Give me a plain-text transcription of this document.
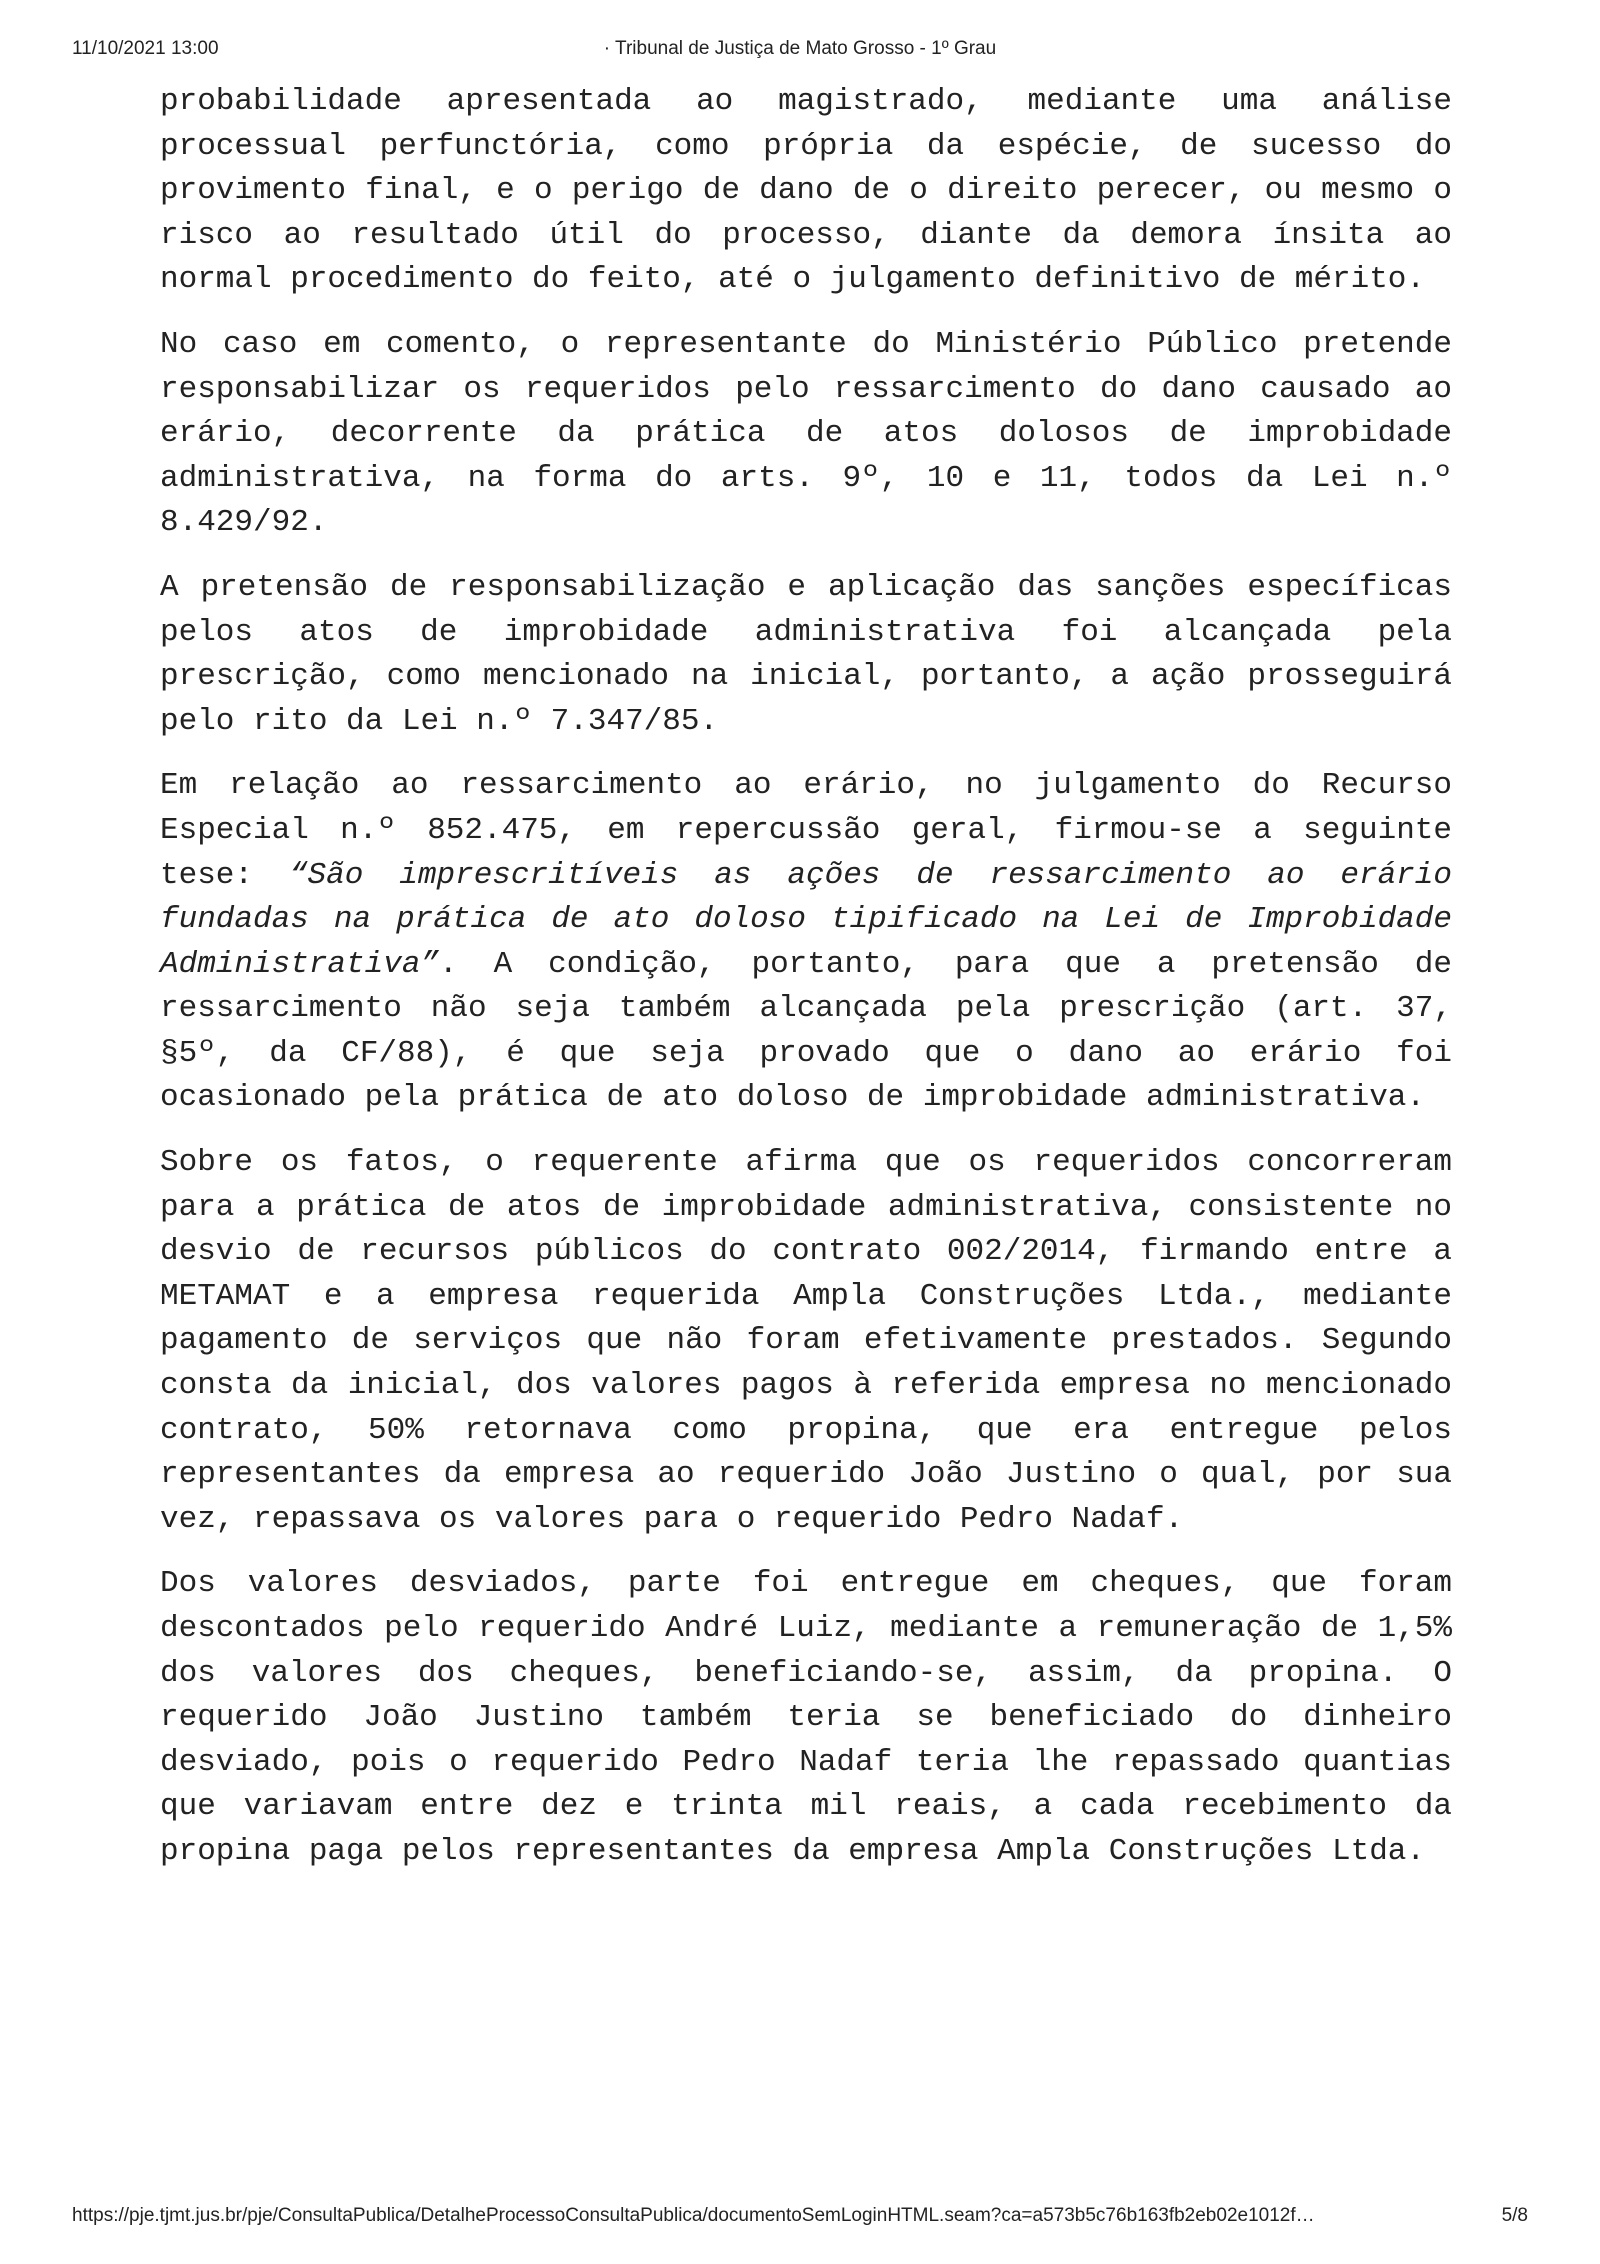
11/10/2021 13:00	· Tribunal de Justiça de Mato Grosso - 1º Grau

probabilidade apresentada ao magistrado, mediante uma análise processual perfunctória, como própria da espécie, de sucesso do provimento final, e o perigo de dano de o direito perecer, ou mesmo o risco ao resultado útil do processo, diante da demora ínsita ao normal procedimento do feito, até o julgamento definitivo de mérito.

No caso em comento, o representante do Ministério Público pretende responsabilizar os requeridos pelo ressarcimento do dano causado ao erário, decorrente da prática de atos dolosos de improbidade administrativa, na forma do arts. 9º, 10 e 11, todos da Lei n.º 8.429/92.

A pretensão de responsabilização e aplicação das sanções específicas pelos atos de improbidade administrativa foi alcançada pela prescrição, como mencionado na inicial, portanto, a ação prosseguirá pelo rito da Lei n.º 7.347/85.

Em relação ao ressarcimento ao erário, no julgamento do Recurso Especial n.º 852.475, em repercussão geral, firmou-se a seguinte tese: “São imprescritíveis as ações de ressarcimento ao erário fundadas na prática de ato doloso tipificado na Lei de Improbidade Administrativa”. A condição, portanto, para que a pretensão de ressarcimento não seja também alcançada pela prescrição (art. 37, §5º, da CF/88), é que seja provado que o dano ao erário foi ocasionado pela prática de ato doloso de improbidade administrativa.

Sobre os fatos, o requerente afirma que os requeridos concorreram para a prática de atos de improbidade administrativa, consistente no desvio de recursos públicos do contrato 002/2014, firmando entre a METAMAT e a empresa requerida Ampla Construções Ltda., mediante pagamento de serviços que não foram efetivamente prestados. Segundo consta da inicial, dos valores pagos à referida empresa no mencionado contrato, 50% retornava como propina, que era entregue pelos representantes da empresa ao requerido João Justino o qual, por sua vez, repassava os valores para o requerido Pedro Nadaf.

Dos valores desviados, parte foi entregue em cheques, que foram descontados pelo requerido André Luiz, mediante a remuneração de 1,5% dos valores dos cheques, beneficiando-se, assim, da propina. O requerido João Justino também teria se beneficiado do dinheiro desviado, pois o requerido Pedro Nadaf teria lhe repassado quantias que variavam entre dez e trinta mil reais, a cada recebimento da propina paga pelos representantes da empresa Ampla Construções Ltda.

https://pje.tjmt.jus.br/pje/ConsultaPublica/DetalheProcessoConsultaPublica/documentoSemLoginHTML.seam?ca=a573b5c76b163fb2eb02e1012f…	5/8
